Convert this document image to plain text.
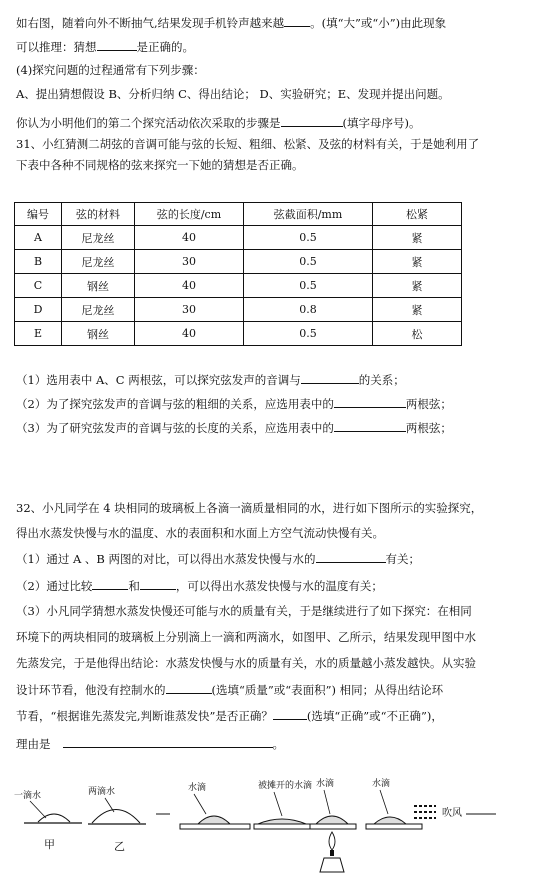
如右图，随着向外不断抽气,结果发现手机铃声越来越 。(填“大”或“小”)由此现象
可以推理：猜想	是正确的。
(4)探究问题的过程通常有下列步骤：
A、提出猜想假设 B、分析归纳 C、得出结论； D、实验研究；E、发现并提出问题。
你认为小明他们的第二个探究活动依次采取的步骤是	(填字母序号)。
31、小红猜测二胡弦的音调可能与弦的长短、粗细、松紧、及弦的材料有关，于是她利用了
下表中各种不同规格的弦来探究一下她的猜想是否正确。
编号	弦的材料	弦的长度/cm	弦截面积/mm	松紧
A	尼龙丝	40	0.5	紧
B	尼龙丝	30	0.5	紧
C	钢丝	40	0.5	紧
D	尼龙丝	30	0.8	紧
E	钢丝	40	0.5	松
（1）选用表中 A、C 两根弦，可以探究弦发声的音调与	的关系；
（2）为了探究弦发声的音调与弦的粗细的关系，应选用表中的	两根弦；
（3）为了研究弦发声的音调与弦的长度的关系，应选用表中的	两根弦；
32、小凡同学在 4 块相同的玻璃板上各滴一滴质量相同的水，进行如下图所示的实验探究，
得出水蒸发快慢与水的温度、水的表面积和水面上方空气流动快慢有关。
（1）通过 A 、B 两图的对比，可以得出水蒸发快慢与水的	有关；
（2）通过比较	和	，可以得出水蒸发快慢与水的温度有关；
（3）小凡同学猜想水蒸发快慢还可能与水的质量有关，于是继续进行了如下探究：在相同
环境下的两块相同的玻璃板上分别滴上一滴和两滴水，如图甲、乙所示，结果发现甲图中水
先蒸发完，于是他得出结论：水蒸发快慢与水的质量有关，水的质量越小蒸发越快。从实验
设计环节看，他没有控制水的	(选填“质量”或“表面积”) 相同；从得出结论环
节看，“根据谁先蒸发完,判断谁蒸发快”是否正确？	(选填“正确”或“不正确”)，
理由是	。
一滴水
甲
两滴水
乙
水滴	被摊开的水滴 水滴	水滴
吹风
